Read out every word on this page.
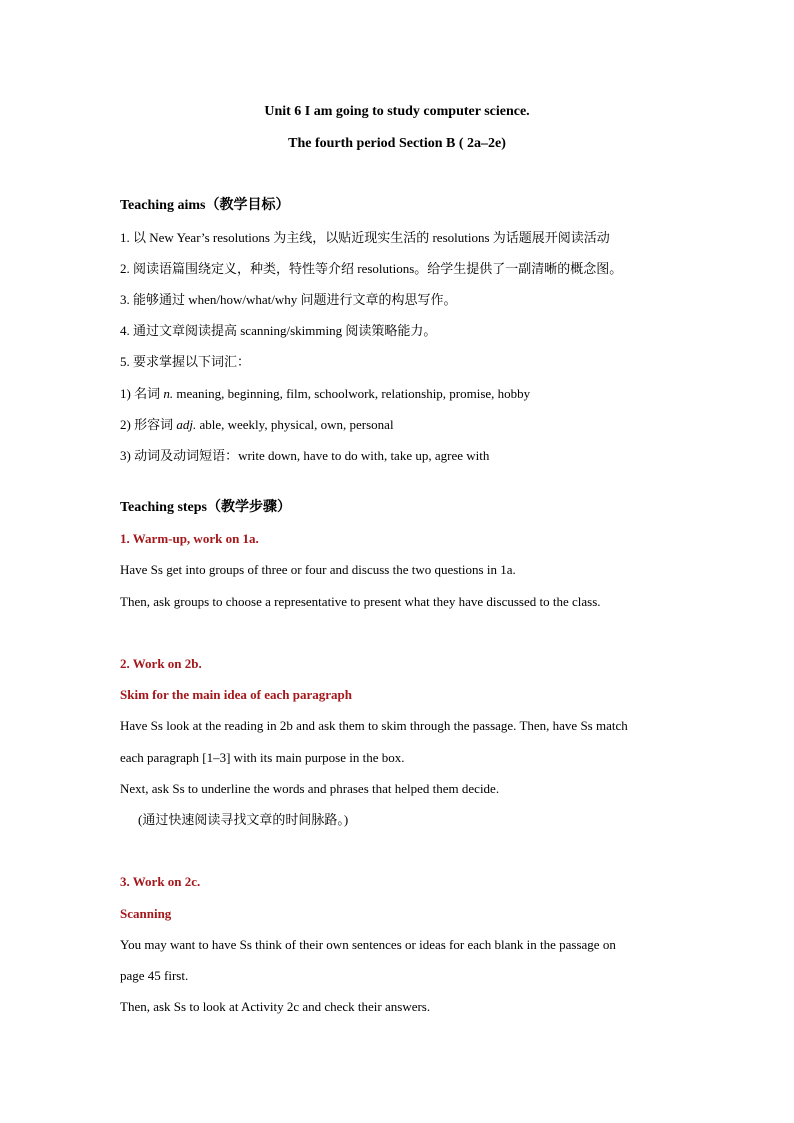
Unit 6 I am going to study computer science.
The fourth period Section B ( 2a–2e)
Teaching aims（教学目标）
1. 以 New Year’s resolutions 为主线，以贴近现实生活的 resolutions 为话题展开阅读活动
2. 阅读语篇围绕定义，种类，特性等介绍 resolutions。给学生提供了一副清晰的概念图。
3. 能够通过 when/how/what/why 问题进行文章的构思写作。
4. 通过文章阅读提高 scanning/skimming 阅读策略能力。
5. 要求掌握以下词汇：
1) 名词 n. meaning, beginning, film, schoolwork, relationship, promise, hobby
2) 形容词 adj. able, weekly, physical, own, personal
3) 动词及动词短语：write down, have to do with, take up, agree with
Teaching steps（教学步骤）
1. Warm-up, work on 1a.
Have Ss get into groups of three or four and discuss the two questions in 1a.
Then, ask groups to choose a representative to present what they have discussed to the class.
2. Work on 2b.
Skim for the main idea of each paragraph
Have Ss look at the reading in 2b and ask them to skim through the passage. Then, have Ss match
each paragraph [1–3] with its main purpose in the box.
Next, ask Ss to underline the words and phrases that helped them decide.
(通过快速阅读寻找文章的时间脉路。)
3. Work on 2c.
Scanning
You may want to have Ss think of their own sentences or ideas for each blank in the passage on
page 45 first.
Then, ask Ss to look at Activity 2c and check their answers.
